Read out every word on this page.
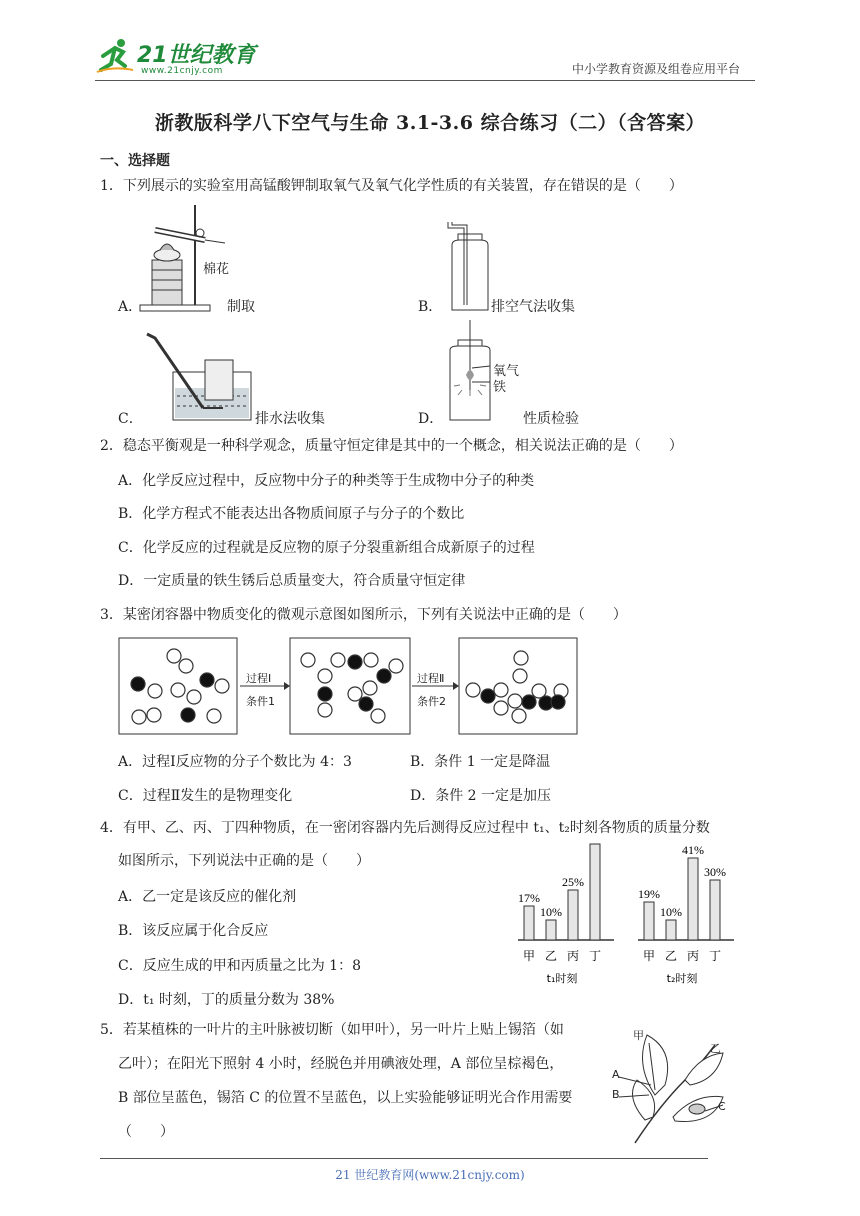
21世纪教育
www.21cnjy.com	中小学教育资源及组卷应用平台
浙教版科学八下空气与生命 3.1-3.6 综合练习（二）（含答案）
一、选择题
1．下列展示的实验室用高锰酸钾制取氧气及氧气化学性质的有关装置，存在错误的是（　　）
A．
棉花
制取	B．	排空气法收集
C．	排水法收集	D．
氧气
铁
性质检验
2．稳态平衡观是一种科学观念，质量守恒定律是其中的一个概念，相关说法正确的是（　　）
A．化学反应过程中，反应物中分子的种类等于生成物中分子的种类
B．化学方程式不能表达出各物质间原子与分子的个数比
C．化学反应的过程就是反应物的原子分裂重新组合成新原子的过程
D．一定质量的铁生锈后总质量变大，符合质量守恒定律
3．某密闭容器中物质变化的微观示意图如图所示，下列有关说法中正确的是（　　）
过程Ⅰ
条件1
过程Ⅱ
条件2
A．过程Ⅰ反应物的分子个数比为 4：3	B．条件 1 一定是降温
C．过程Ⅱ发生的是物理变化	D．条件 2 一定是加压
4．有甲、乙、丙、丁四种物质，在一密闭容器内先后测得反应过程中 t₁、t₂时刻各物质的质量分数
如图所示，下列说法中正确的是（　　）
A．乙一定是该反应的催化剂
B．该反应属于化合反应
C．反应生成的甲和丙质量之比为 1：8
D．t₁ 时刻，丁的质量分数为 38%
17%
甲
10%
乙
25%
丙 丁
t₁时刻
19%
甲
10%
乙
41%
丙
30%
丁
t₂时刻
5．若某植株的一叶片的主叶脉被切断（如甲叶），另一叶片上贴上锡箔（如
乙叶）；在阳光下照射 4 小时，经脱色并用碘液处理，A 部位呈棕褐色，
B 部位呈蓝色，锡箔 C 的位置不呈蓝色，以上实验能够证明光合作用需要
（　　）
甲
乙
A
B
C
21 世纪教育网(www.21cnjy.com)
